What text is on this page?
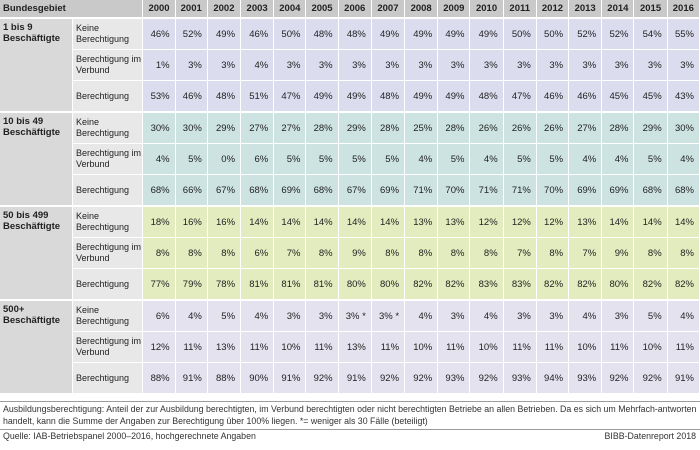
Bundesgebiet		2000	2001	2002	2003	2004	2005	2006	2007	2008	2009	2010	2011	2012	2013	2014	2015	2016
1 bis 9 Beschäftigte	Keine Berechtigung	46%	52%	49%	46%	50%	48%	48%	49%	49%	49%	49%	50%	50%	52%	52%	54%	55%
	Berechtigung im Verbund	1%	3%	3%	4%	3%	3%	3%	3%	3%	3%	3%	3%	3%	3%	3%	3%	3%
	Berechtigung	53%	46%	48%	51%	47%	49%	49%	48%	49%	49%	48%	47%	46%	46%	45%	45%	43%
10 bis 49 Beschäftigte	Keine Berechtigung	30%	30%	29%	27%	27%	28%	29%	28%	25%	28%	26%	26%	26%	27%	28%	29%	30%
	Berechtigung im Verbund	4%	5%	0%	6%	5%	5%	5%	5%	4%	5%	4%	5%	5%	4%	4%	5%	4%
	Berechtigung	68%	66%	67%	68%	69%	68%	67%	69%	71%	70%	71%	71%	70%	69%	69%	68%	68%
50 bis 499 Beschäftigte	Keine Berechtigung	18%	16%	16%	14%	14%	14%	14%	14%	13%	13%	12%	12%	12%	13%	14%	14%	14%
	Berechtigung im Verbund	8%	8%	8%	6%	7%	8%	9%	8%	8%	8%	8%	7%	8%	7%	9%	8%	8%
	Berechtigung	77%	79%	78%	81%	81%	81%	80%	80%	82%	82%	83%	83%	82%	82%	80%	82%	82%
500+ Beschäftigte	Keine Berechtigung	6%	4%	5%	4%	3%	3%	3% *	3% *	4%	3%	4%	3%	3%	4%	3%	5%	4%
	Berechtigung im Verbund	12%	11%	13%	11%	10%	11%	13%	11%	10%	11%	10%	11%	11%	10%	11%	10%	11%
	Berechtigung	88%	91%	88%	90%	91%	92%	91%	92%	92%	93%	92%	93%	94%	93%	92%	92%	91%
Ausbildungsberechtigung: Anteil der zur Ausbildung berechtigten, im Verbund berechtigten oder nicht berechtigten Betriebe an allen Betrieben. Da es sich um Mehrfach-antworten handelt, kann die Summe der Angaben zur Berechtigung über 100% liegen. *= weniger als 30 Fälle (beteiligt)
Quelle: IAB-Betriebspanel 2000–2016, hochgerechnete Angaben	BIBB-Datenreport 2018
